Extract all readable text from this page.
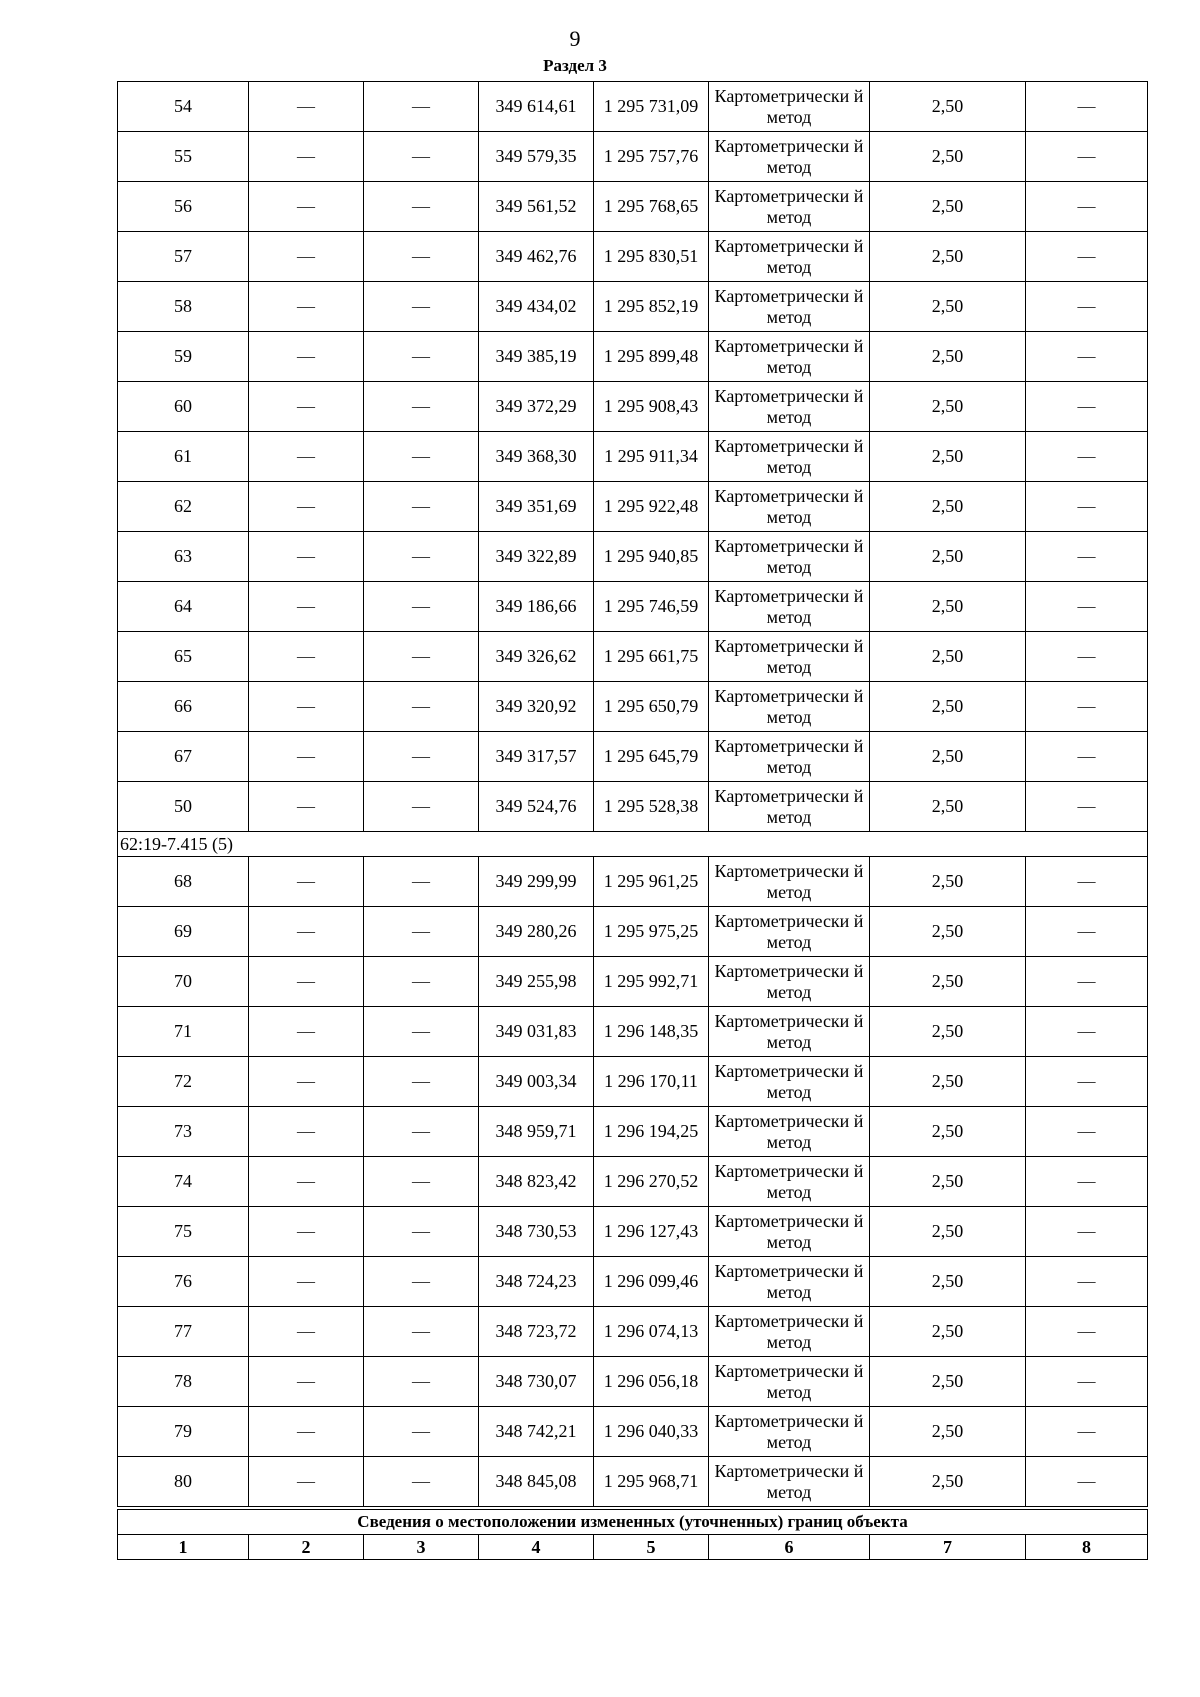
9
Раздел 3
54	—	—	349 614,61	1 295 731,09	Картометрически й метод	2,50	—
55	—	—	349 579,35	1 295 757,76	Картометрически й метод	2,50	—
56	—	—	349 561,52	1 295 768,65	Картометрически й метод	2,50	—
57	—	—	349 462,76	1 295 830,51	Картометрически й метод	2,50	—
58	—	—	349 434,02	1 295 852,19	Картометрически й метод	2,50	—
59	—	—	349 385,19	1 295 899,48	Картометрически й метод	2,50	—
60	—	—	349 372,29	1 295 908,43	Картометрически й метод	2,50	—
61	—	—	349 368,30	1 295 911,34	Картометрически й метод	2,50	—
62	—	—	349 351,69	1 295 922,48	Картометрически й метод	2,50	—
63	—	—	349 322,89	1 295 940,85	Картометрически й метод	2,50	—
64	—	—	349 186,66	1 295 746,59	Картометрически й метод	2,50	—
65	—	—	349 326,62	1 295 661,75	Картометрически й метод	2,50	—
66	—	—	349 320,92	1 295 650,79	Картометрически й метод	2,50	—
67	—	—	349 317,57	1 295 645,79	Картометрически й метод	2,50	—
50	—	—	349 524,76	1 295 528,38	Картометрически й метод	2,50	—
62:19-7.415 (5)							
68	—	—	349 299,99	1 295 961,25	Картометрически й метод	2,50	—
69	—	—	349 280,26	1 295 975,25	Картометрически й метод	2,50	—
70	—	—	349 255,98	1 295 992,71	Картометрически й метод	2,50	—
71	—	—	349 031,83	1 296 148,35	Картометрически й метод	2,50	—
72	—	—	349 003,34	1 296 170,11	Картометрически й метод	2,50	—
73	—	—	348 959,71	1 296 194,25	Картометрически й метод	2,50	—
74	—	—	348 823,42	1 296 270,52	Картометрически й метод	2,50	—
75	—	—	348 730,53	1 296 127,43	Картометрически й метод	2,50	—
76	—	—	348 724,23	1 296 099,46	Картометрически й метод	2,50	—
77	—	—	348 723,72	1 296 074,13	Картометрически й метод	2,50	—
78	—	—	348 730,07	1 296 056,18	Картометрически й метод	2,50	—
79	—	—	348 742,21	1 296 040,33	Картометрически й метод	2,50	—
80	—	—	348 845,08	1 295 968,71	Картометрически й метод	2,50	—
Сведения о местоположении измененных (уточненных) границ объекта							
1	2	3	4	5	6	7	8
